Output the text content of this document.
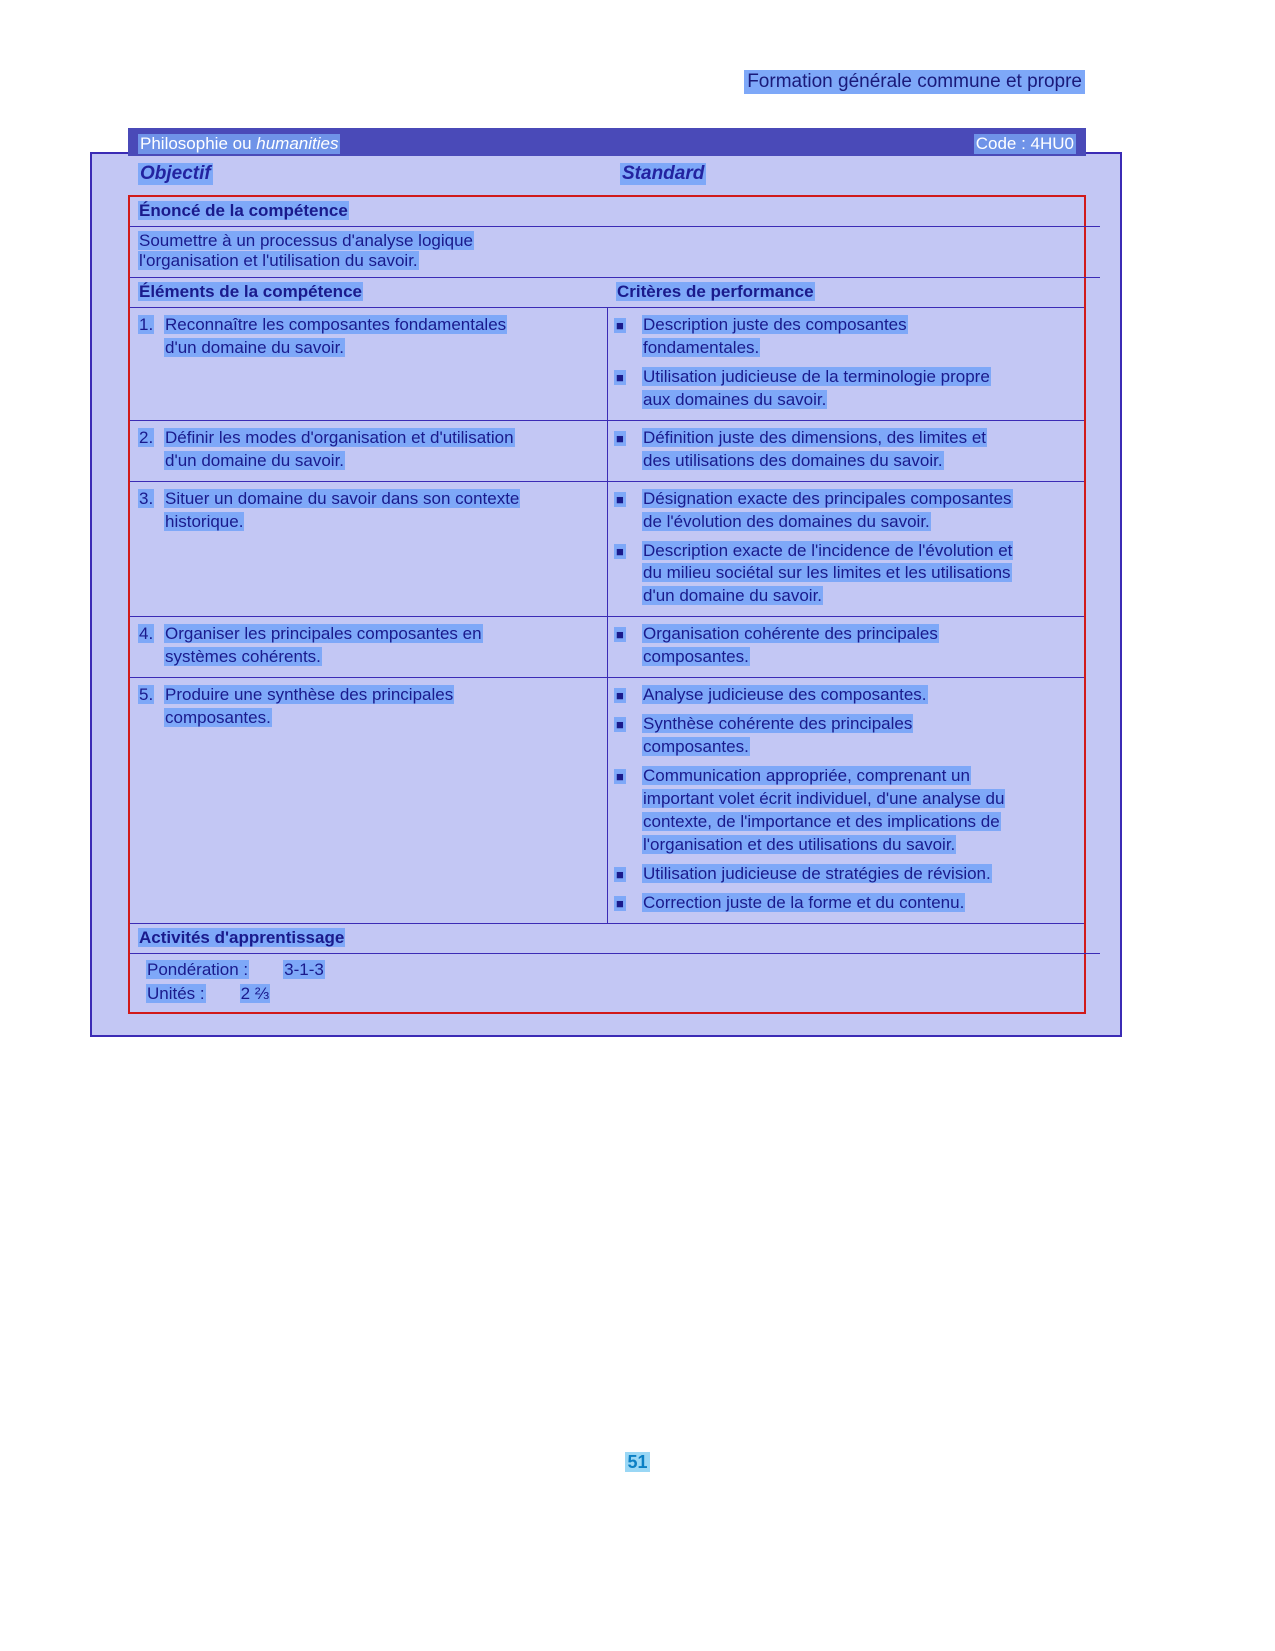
Formation générale commune et propre
Philosophie ou humanities	Code : 4HU0
Objectif	Standard
Énoncé de la compétence
Soumettre à un processus d'analyse logique
l'organisation et l'utilisation du savoir.
Éléments de la compétence	Critères de performance
1. Reconnaître les composantes fondamentales
d'un domaine du savoir.
■	Description juste des composantes
fondamentales.
■	Utilisation judicieuse de la terminologie propre
aux domaines du savoir.
2. Définir les modes d'organisation et d'utilisation
d'un domaine du savoir.
■	Définition juste des dimensions, des limites et
des utilisations des domaines du savoir.
3. Situer un domaine du savoir dans son contexte
historique.
■	Désignation exacte des principales composantes
de l'évolution des domaines du savoir.
■	Description exacte de l'incidence de l'évolution et
du milieu sociétal sur les limites et les utilisations
d'un domaine du savoir.
4. Organiser les principales composantes en
systèmes cohérents.
■	Organisation cohérente des principales
composantes.
5. Produire une synthèse des principales
composantes.
■	Analyse judicieuse des composantes.
■	Synthèse cohérente des principales
composantes.
■	Communication appropriée, comprenant un
important volet écrit individuel, d'une analyse du
contexte, de l'importance et des implications de
l'organisation et des utilisations du savoir.
■	Utilisation judicieuse de stratégies de révision.
■	Correction juste de la forme et du contenu.
Activités d'apprentissage
Pondération : 3-1-3
Unités : 2 ⅔
51
